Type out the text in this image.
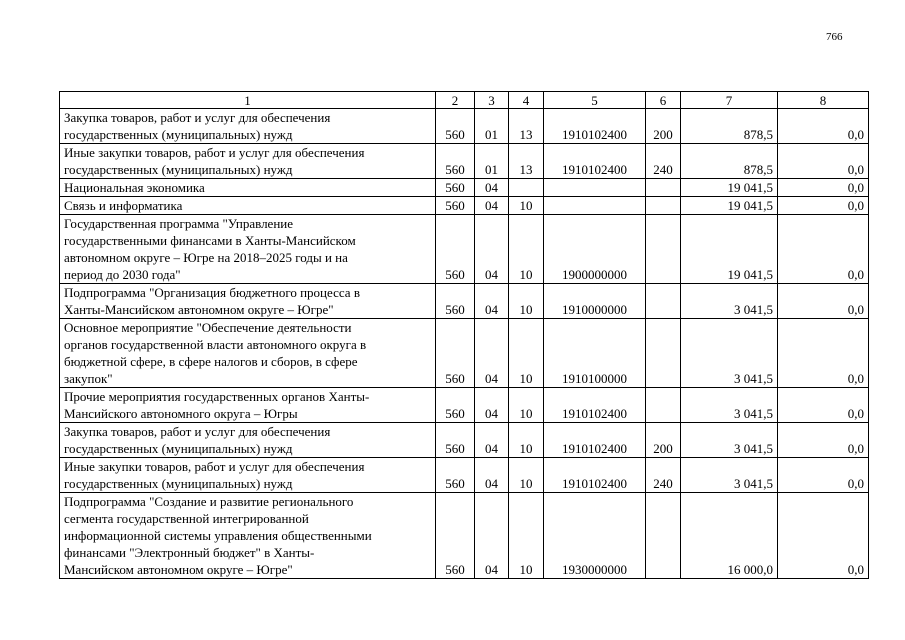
766
1	2	3	4	5	6	7	8
Закупка товаров, работ и услуг для обеспечения
государственных (муниципальных) нужд	560	01	13	1910102400	200	878,5	0,0
Иные закупки товаров, работ и услуг для обеспечения
государственных (муниципальных) нужд	560	01	13	1910102400	240	878,5	0,0
Национальная экономика	560	04				19 041,5	0,0
Связь и информатика	560	04	10			19 041,5	0,0
Государственная программа "Управление
государственными финансами в Ханты-Мансийском
автономном округе – Югре на 2018–2025 годы и на
период до 2030 года"	560	04	10	1900000000		19 041,5	0,0
Подпрограмма "Организация бюджетного процесса в
Ханты-Мансийском автономном округе – Югре"	560	04	10	1910000000		3 041,5	0,0
Основное мероприятие "Обеспечение деятельности
органов государственной власти автономного округа в
бюджетной сфере, в сфере налогов и сборов, в сфере
закупок"	560	04	10	1910100000		3 041,5	0,0
Прочие мероприятия государственных органов Ханты-
Мансийского автономного округа – Югры	560	04	10	1910102400		3 041,5	0,0
Закупка товаров, работ и услуг для обеспечения
государственных (муниципальных) нужд	560	04	10	1910102400	200	3 041,5	0,0
Иные закупки товаров, работ и услуг для обеспечения
государственных (муниципальных) нужд	560	04	10	1910102400	240	3 041,5	0,0
Подпрограмма "Создание и развитие регионального
сегмента государственной интегрированной
информационной системы управления общественными
финансами "Электронный бюджет" в Ханты-
Мансийском автономном округе – Югре"	560	04	10	1930000000		16 000,0	0,0
